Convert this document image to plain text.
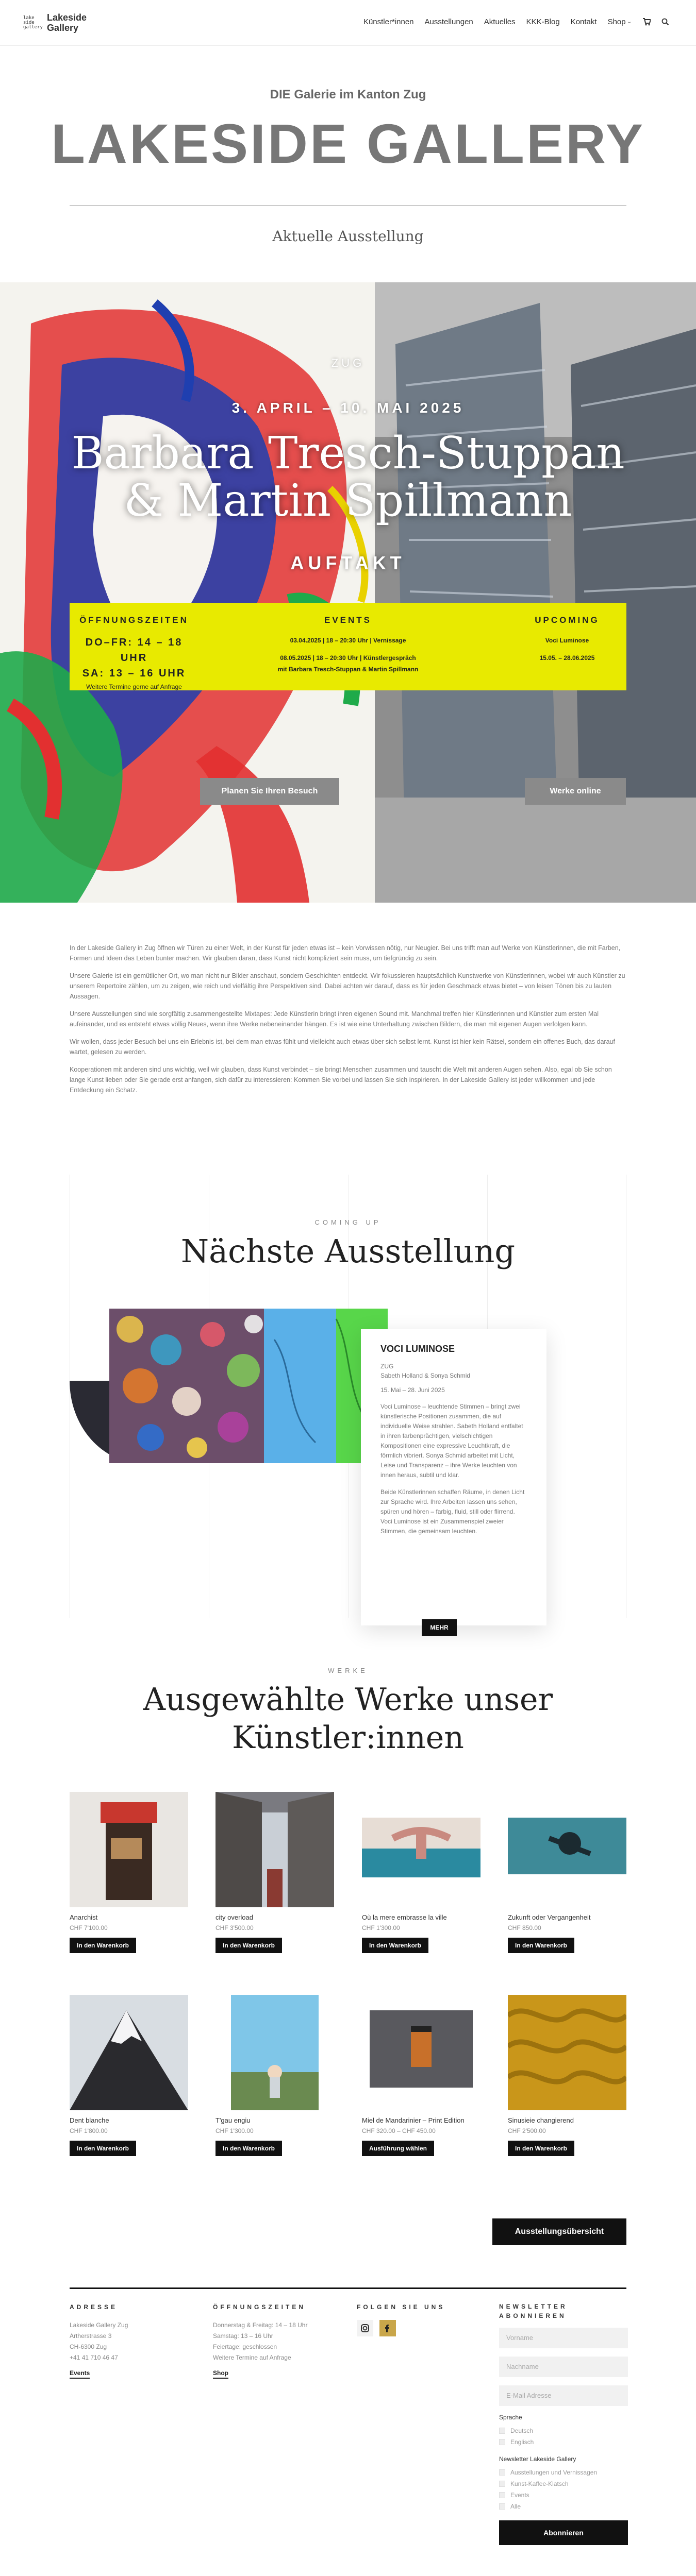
lake
side
gallery
Lakeside
Gallery
Künstler*innen Ausstellungen Aktuelles KKK-Blog Kontakt Shop ⌄
DIE Galerie im Kanton Zug
LAKESIDE GALLERY
Aktuelle Ausstellung
ZUG
3. APRIL – 10. MAI 2025
Barbara Tresch-Stuppan
& Martin Spillmann
AUFTAKT
ÖFFNUNGSZEITEN
DO–FR: 14 – 18
UHR
SA: 13 – 16 UHR
Weitere Termine gerne auf Anfrage
EVENTS
03.04.2025 | 18 – 20:30 Uhr | Vernissage
08.05.2025 | 18 – 20:30 Uhr | Künstlergespräch
mit Barbara Tresch-Stuppan & Martin Spillmann
UPCOMING
Voci Luminose
15.05. – 28.06.2025
Planen Sie Ihren Besuch	Werke online

In der Lakeside Gallery in Zug öffnen wir Türen zu einer Welt, in der Kunst für jeden etwas ist – kein Vorwissen nötig, nur Neugier. Bei uns trifft man auf Werke von Künstlerinnen, die mit Farben, Formen und Ideen das Leben bunter machen. Wir glauben daran, dass Kunst nicht kompliziert sein muss, um tiefgründig zu sein.

Unsere Galerie ist ein gemütlicher Ort, wo man nicht nur Bilder anschaut, sondern Geschichten entdeckt. Wir fokussieren hauptsächlich Kunstwerke von Künstlerinnen, wobei wir auch Künstler zu unserem Repertoire zählen, um zu zeigen, wie reich und vielfältig ihre Perspektiven sind. Dabei achten wir darauf, dass es für jeden Geschmack etwas bietet – von leisen Tönen bis zu lauten Aussagen.

Unsere Ausstellungen sind wie sorgfältig zusammengestellte Mixtapes: Jede Künstlerin bringt ihren eigenen Sound mit. Manchmal treffen hier Künstlerinnen und Künstler zum ersten Mal aufeinander, und es entsteht etwas völlig Neues, wenn ihre Werke nebeneinander hängen. Es ist wie eine Unterhaltung zwischen Bildern, die man mit eigenen Augen verfolgen kann.

Wir wollen, dass jeder Besuch bei uns ein Erlebnis ist, bei dem man etwas fühlt und vielleicht auch etwas über sich selbst lernt. Kunst ist hier kein Rätsel, sondern ein offenes Buch, das darauf wartet, gelesen zu werden.

Kooperationen mit anderen sind uns wichtig, weil wir glauben, dass Kunst verbindet – sie bringt Menschen zusammen und tauscht die Welt mit anderen Augen sehen. Also, egal ob Sie schon lange Kunst lieben oder Sie gerade erst anfangen, sich dafür zu interessieren: Kommen Sie vorbei und lassen Sie sich inspirieren. In der Lakeside Gallery ist jeder willkommen und jede Entdeckung ein Schatz.

COMING UP
Nächste Ausstellung
VOCI LUMINOSE
ZUG
Sabeth Holland & Sonya Schmid
15. Mai – 28. Juni 2025
Voci Luminose – leuchtende Stimmen – bringt zwei künstlerische Positionen zusammen, die auf individuelle Weise strahlen. Sabeth Holland entfaltet in ihren farbenprächtigen, vielschichtigen Kompositionen eine expressive Leuchtkraft, die förmlich vibriert. Sonya Schmid arbeitet mit Licht, Leise und Transparenz – ihre Werke leuchten von innen heraus, subtil und klar.
Beide Künstlerinnen schaffen Räume, in denen Licht zur Sprache wird. Ihre Arbeiten lassen uns sehen, spüren und hören – farbig, fluid, still oder flirrend. Voci Luminose ist ein Zusammenspiel zweier Stimmen, die gemeinsam leuchten.
MEHR
WERKE
Ausgewählte Werke unser
Künstler:innen
Anarchist
CHF 7'100.00
In den Warenkorb
city overload
CHF 3'500.00
In den Warenkorb
Où la mere embrasse la ville
CHF 1'300.00
In den Warenkorb
Zukunft oder Vergangenheit
CHF 850.00
In den Warenkorb
Dent blanche
CHF 1'800.00
In den Warenkorb
T'gau engiu
CHF 1'300.00
In den Warenkorb
Miel de Mandarinier – Print Edition
CHF 320.00 – CHF 450.00
Ausführung wählen
Sinusieie changierend
CHF 2'500.00
In den Warenkorb
Ausstellungsübersicht
ADRESSE
Lakeside Gallery Zug
Artherstrasse 3
CH-6300 Zug
+41 41 710 46 47
Events
ÖFFNUNGSZEITEN
Donnerstag & Freitag: 14 – 18 Uhr
Samstag: 13 – 16 Uhr
Feiertage: geschlossen
Weitere Termine auf Anfrage
Shop
FOLGEN SIE UNS	NEWSLETTER
ABONNIEREN
Vorname
Nachname
E-Mail Adresse
Sprache
Deutsch
Englisch
Newsletter Lakeside Gallery
Ausstellungen und Vernissagen
Kunst-Kaffee-Klatsch
Events
Alle
Abonnieren
